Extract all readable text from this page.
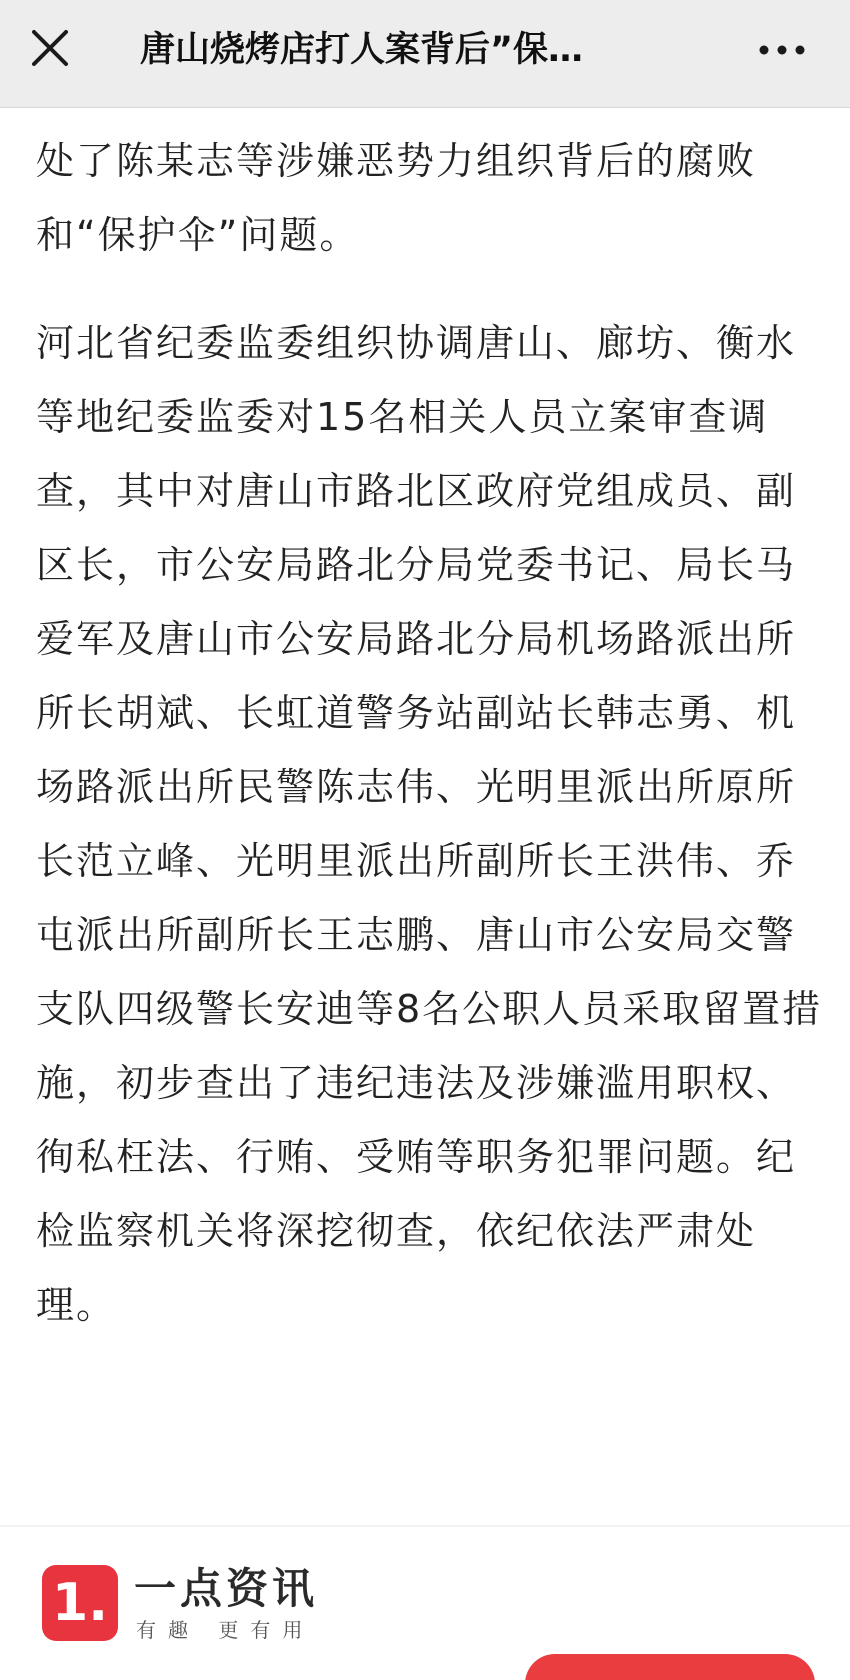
唐山烧烤店打人案背后”保…

处了陈某志等涉嫌恶势力组织背后的腐败和“保护伞”问题。

河北省纪委监委组织协调唐山、廊坊、衡水等地纪委监委对15名相关人员立案审查调查，其中对唐山市路北区政府党组成员、副区长，市公安局路北分局党委书记、局长马爱军及唐山市公安局路北分局机场路派出所所长胡斌、长虹道警务站副站长韩志勇、机场路派出所民警陈志伟、光明里派出所原所长范立峰、光明里派出所副所长王洪伟、乔屯派出所副所长王志鹏、唐山市公安局交警支队四级警长安迪等8名公职人员采取留置措施，初步查出了违纪违法及涉嫌滥用职权、徇私枉法、行贿、受贿等职务犯罪问题。纪检监察机关将深挖彻查，依纪依法严肃处理。

1. 一点资讯
有趣 更有用
